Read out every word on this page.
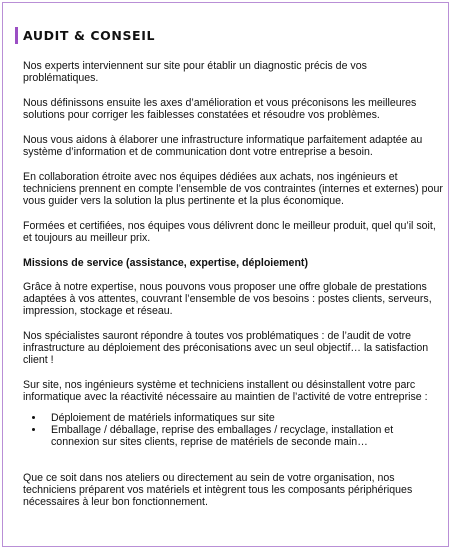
AUDIT & CONSEIL

Nos experts interviennent sur site pour établir un diagnostic précis de vos problématiques.

Nous définissons ensuite les axes d’amélioration et vous préconisons les meilleures solutions pour corriger les faiblesses constatées et résoudre vos problèmes.

Nous vous aidons à élaborer une infrastructure informatique parfaitement adaptée au système d’information et de communication dont votre entreprise a besoin.

En collaboration étroite avec nos équipes dédiées aux achats, nos ingénieurs et techniciens prennent en compte l’ensemble de vos contraintes (internes et externes) pour vous guider vers la solution la plus pertinente et la plus économique.

Formées et certifiées, nos équipes vous délivrent donc le meilleur produit, quel qu’il soit, et toujours au meilleur prix.

Missions de service (assistance, expertise, déploiement)

Grâce à notre expertise, nous pouvons vous proposer une offre globale de prestations adaptées à vos attentes, couvrant l’ensemble de vos besoins : postes clients, serveurs, impression, stockage et réseau.

Nos spécialistes sauront répondre à toutes vos problématiques : de l’audit de votre infrastructure au déploiement des préconisations avec un seul objectif… la satisfaction client !

Sur site, nos ingénieurs système et techniciens installent ou désinstallent votre parc informatique avec la réactivité nécessaire au maintien de l’activité de votre entreprise :

• Déploiement de matériels informatiques sur site
• Emballage / déballage, reprise des emballages / recyclage, installation et connexion sur sites clients, reprise de matériels de seconde main…

Que ce soit dans nos ateliers ou directement au sein de votre organisation, nos techniciens préparent vos matériels et intègrent tous les composants périphériques nécessaires à leur bon fonctionnement.
